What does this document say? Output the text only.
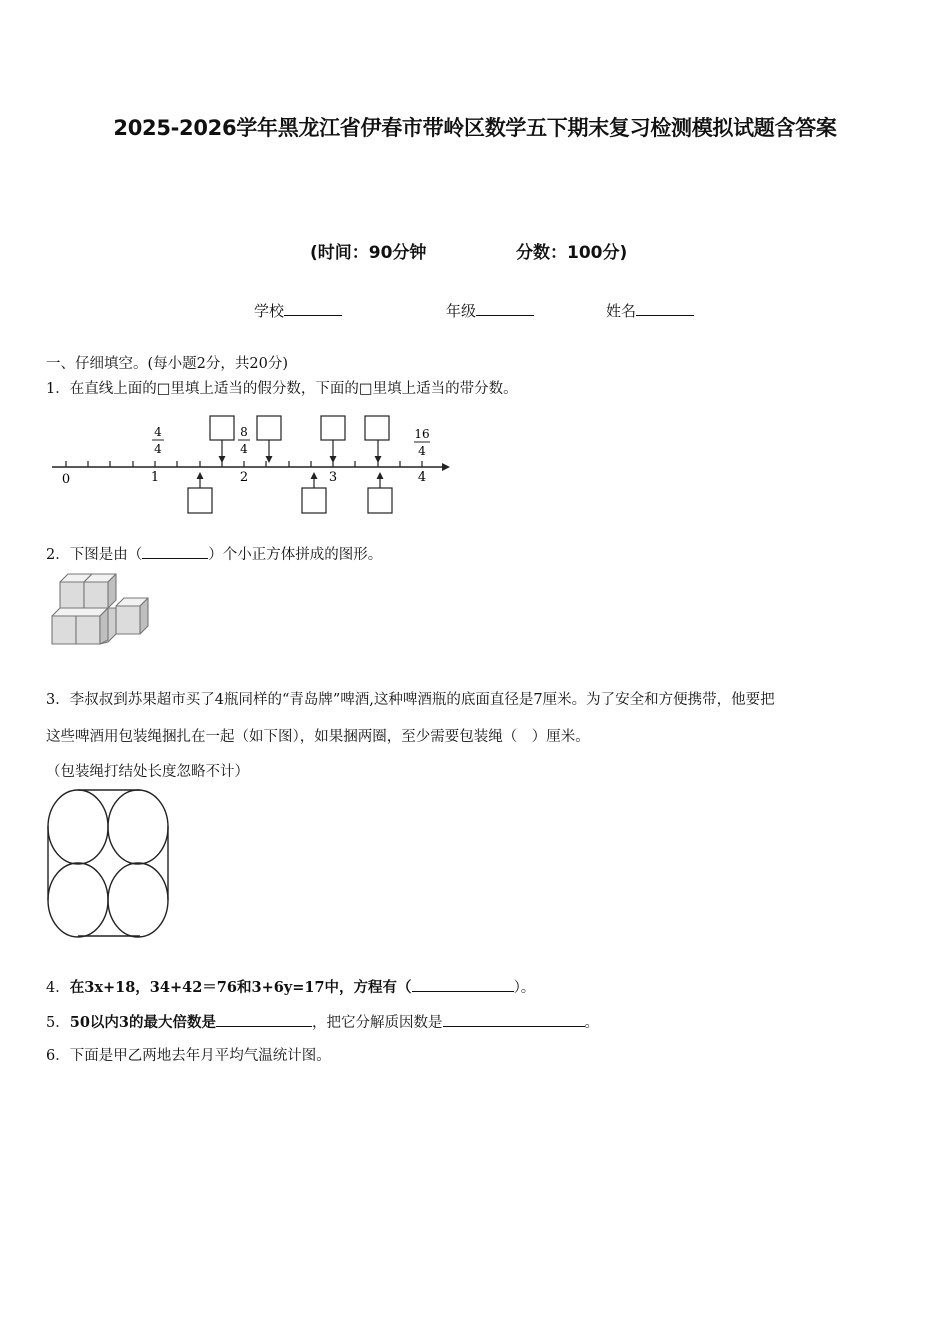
2025-2026学年黑龙江省伊春市带岭区数学五下期末复习检测模拟试题含答案
(时间：90分钟	分数：100分)
学校	年级	姓名
一、仔细填空。(每小题2分，共20分)
1．在直线上面的□里填上适当的假分数，下面的□里填上适当的带分数。
0	1	2	3	4
4
4
8
4
16
4
2．下图是由（	）个小正方体拼成的图形。
3．李叔叔到苏果超市买了4瓶同样的“青岛牌”啤酒,这种啤酒瓶的底面直径是7厘米。为了安全和方便携带，他要把
这些啤酒用包装绳捆扎在一起（如下图），如果捆两圈，至少需要包装绳（　）厘米。
（包装绳打结处长度忽略不计）
4．在3x+18，34+42＝76和3+6y=17中，方程有（	）。
5．50以内3的最大倍数是	，把它分解质因数是	。
6．下面是甲乙两地去年月平均气温统计图。
